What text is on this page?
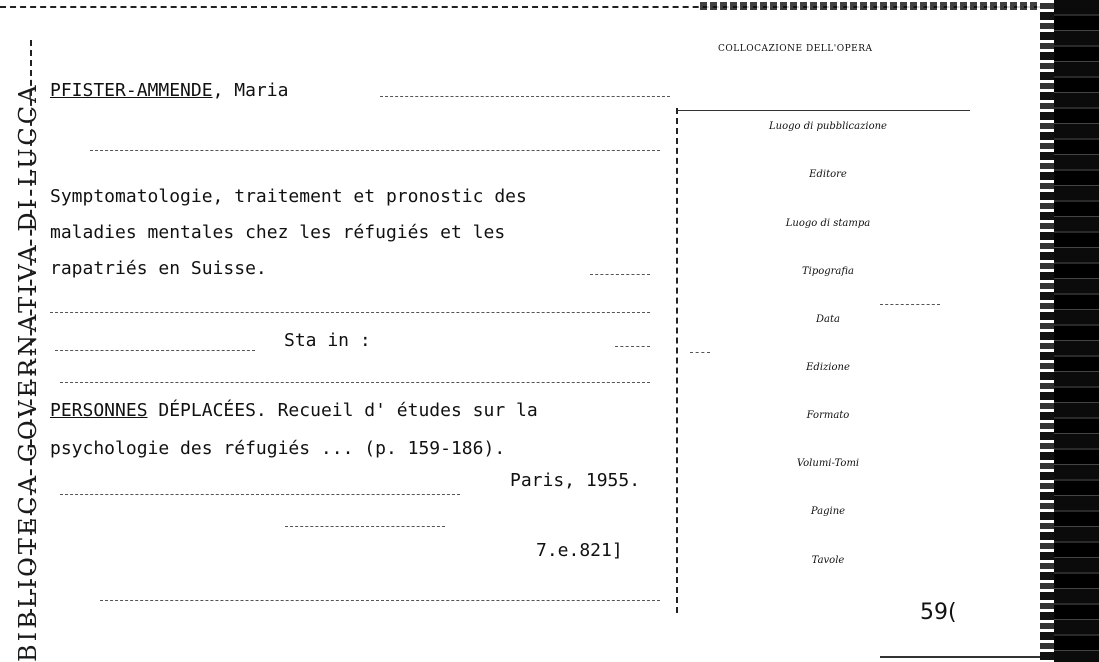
BIBLIOTECA GOVERNATIVA DI LUCCA
COLLOCAZIONE DELL'OPERA
PFISTER-AMMENDE, Maria
Symptomatologie, traitement et pronostic des
maladies mentales chez les réfugiés et les
rapatriés en Suisse.
Sta in :
PERSONNES DÉPLACÉES. Recueil d' études sur la
psychologie des réfugiés ... (p. 159-186).
Paris, 1955.
7.e.821]
Luogo di pubblicazione
Editore
Luogo di stampa
Tipografia
Data
Edizione
Formato
Volumi-Tomi
Pagine
Tavole
59(
